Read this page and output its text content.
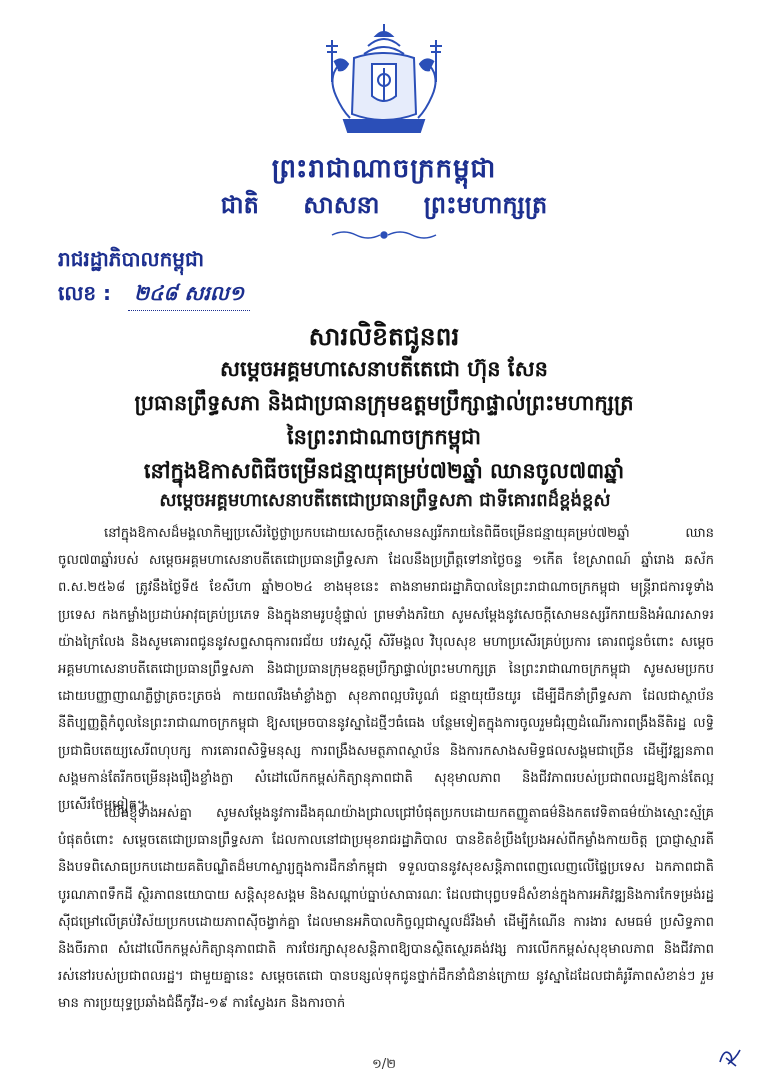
ព្រះរាជាណាចក្រកម្ពុជា
ជាតិ សាសនា ព្រះមហាក្សត្រ
រាជរដ្ឋាភិបាលកម្ពុជា
លេខ : ២៤៨ សរល១
សារលិខិតជូនពរ
សម្តេចអគ្គមហាសេនាបតីតេជោ ហ៊ុន សែន
ប្រធានព្រឹទ្ធសភា និងជាប្រធានក្រុមឧត្តមប្រឹក្សាផ្ទាល់ព្រះមហាក្សត្រ
នៃព្រះរាជាណាចក្រកម្ពុជា
នៅក្នុងឱកាសពិធីចម្រើនជន្មាយុគម្រប់៧២ឆ្នាំ ឈានចូល៧៣ឆ្នាំ
សម្តេចអគ្គមហាសេនាបតីតេជោប្រធានព្រឹទ្ធសភា ជាទីគោរពដ៏ខ្ពង់ខ្ពស់

នៅក្នុងឱកាសដ៏មង្គលាកិម្បប្រសើរថ្ងៃថ្លាប្រកបដោយសេចក្តីសោមនស្សរីករាយនៃពិធីចម្រើនជន្មាយុគម្រប់៧២ឆ្នាំ ឈានចូល៧៣ឆ្នាំរបស់ សម្តេចអគ្គមហាសេនាបតីតេជោប្រធានព្រឹទ្ធសភា ដែលនឹងប្រព្រឹត្តទៅនាថ្ងៃចន្ទ ១កើត ខែស្រាពណ៍ ឆ្នាំរោង ឆស័ក ព.ស.២៥៦៨ ត្រូវនឹងថ្ងៃទី៥ ខែសីហា ឆ្នាំ២០២៤ ខាងមុខនេះ តាងនាមរាជរដ្ឋាភិបាលនៃព្រះរាជាណាចក្រកម្ពុជា មន្ត្រីរាជការទូទាំងប្រទេស កងកម្លាំងប្រដាប់អាវុធគ្រប់ប្រភេទ និងក្នុងនាមរូបខ្ញុំផ្ទាល់ ព្រមទាំងភរិយា សូមសម្តែងនូវសេចក្តីសោមនស្សរីករាយនិងអំណរសាទរយ៉ាងក្រៃលែង និងសូមគោរពជូននូវសព្ទសាធុការពរជ័យ បវរសួស្តី សិរីមង្គល វិបុលសុខ មហាប្រសើរគ្រប់ប្រការ គោរពជូនចំពោះ សម្តេចអគ្គមហាសេនាបតីតេជោប្រធានព្រឹទ្ធសភា និងជាប្រធានក្រុមឧត្តមប្រឹក្សាផ្ទាល់ព្រះមហាក្សត្រ នៃព្រះរាជាណាចក្រកម្ពុជា សូមសមប្រកបដោយបញ្ញាញាណភ្លឺថ្លាត្រចះត្រចង់ កាយពលរឹងមាំខ្លាំងក្លា សុខភាពល្អបរិបូណ៌ ជន្មាយុយឺនយូរ ដើម្បីដឹកនាំព្រឹទ្ធសភា ដែលជាស្ថាប័ននីតិប្បញ្ញត្តិកំពូលនៃព្រះរាជាណាចក្រកម្ពុជា ឱ្យសម្រេចបាននូវស្នាដៃថ្មីៗធំធេង បន្ថែមទៀតក្នុងការចូលរួមជំរុញដំណើរការពង្រឹងនីតិរដ្ឋ លទ្ធិប្រជាធិបតេយ្យសេរីពហុបក្ស ការគោរពសិទ្ធិមនុស្ស ការពង្រឹងសមត្ថភាពស្ថាប័ន និងការកសាងសមិទ្ធផលសង្គមជាច្រើន ដើម្បីវឌ្ឍនភាពសង្គមកាន់តែរីកចម្រើនរុងរឿងខ្លាំងក្លា សំដៅលើកកម្ពស់កិត្យានុភាពជាតិ សុខុមាលភាព និងជីវភាពរបស់ប្រជាពលរដ្ឋឱ្យកាន់តែល្អប្រសើរថែមទៀត។

យើងខ្ញុំទាំងអស់គ្នា សូមសម្តែងនូវការដឹងគុណយ៉ាងជ្រាលជ្រៅបំផុតប្រកបដោយកតញ្ញូតាធម៌និងកតវេទិតាធម៌យ៉ាងស្មោះស្ម័គ្របំផុតចំពោះ សម្តេចតេជោប្រធានព្រឹទ្ធសភា ដែលកាលនៅជាប្រមុខរាជរដ្ឋាភិបាល បានខិតខំប្រឹងប្រែងអស់ពីកម្លាំងកាយចិត្ត ប្រាជ្ញាស្មារតី និងបទពិសោធប្រកបដោយគតិបណ្ឌិតដ៏មហាស្ចារ្យក្នុងការដឹកនាំកម្ពុជា ទទួលបាននូវសុខសន្តិភាពពេញលេញលើផ្ទៃប្រទេស ឯកភាពជាតិ បូរណភាពទឹកដី ស្ថិរភាពនយោបាយ សន្តិសុខសង្គម និងសណ្តាប់ធ្នាប់សាធារណៈ ដែលជាបុព្វបទដ៏សំខាន់ក្នុងការអភិវឌ្ឍនិងការកែទម្រង់រដ្ឋស៊ីជម្រៅលើគ្រប់វិស័យប្រកបដោយភាពស៊ីចង្វាក់គ្នា ដែលមានអភិបាលកិច្ចល្អជាស្នូលដ៏រឹងមាំ ដើម្បីកំណើន ការងារ សមធម៌ ប្រសិទ្ធភាព និងចីរភាព សំដៅលើកកម្ពស់កិត្យានុភាពជាតិ ការថែរក្សាសុខសន្តិភាពឱ្យបានស្ថិតស្ថេរគង់វង្ស ការលើកកម្ពស់សុខុមាលភាព និងជីវភាពរស់នៅរបស់ប្រជាពលរដ្ឋ។ ជាមួយគ្នានេះ សម្តេចតេជោ បានបន្សល់ទុកជូនថ្នាក់ដឹកនាំជំនាន់ក្រោយ នូវស្នាដៃដែលជាគំរូរីភាពសំខាន់ៗ រួមមាន ការប្រយុទ្ធប្រឆាំងជំងឺកូវីដ-១៩ ការស្វែងរក និងការចាក់

១/២
